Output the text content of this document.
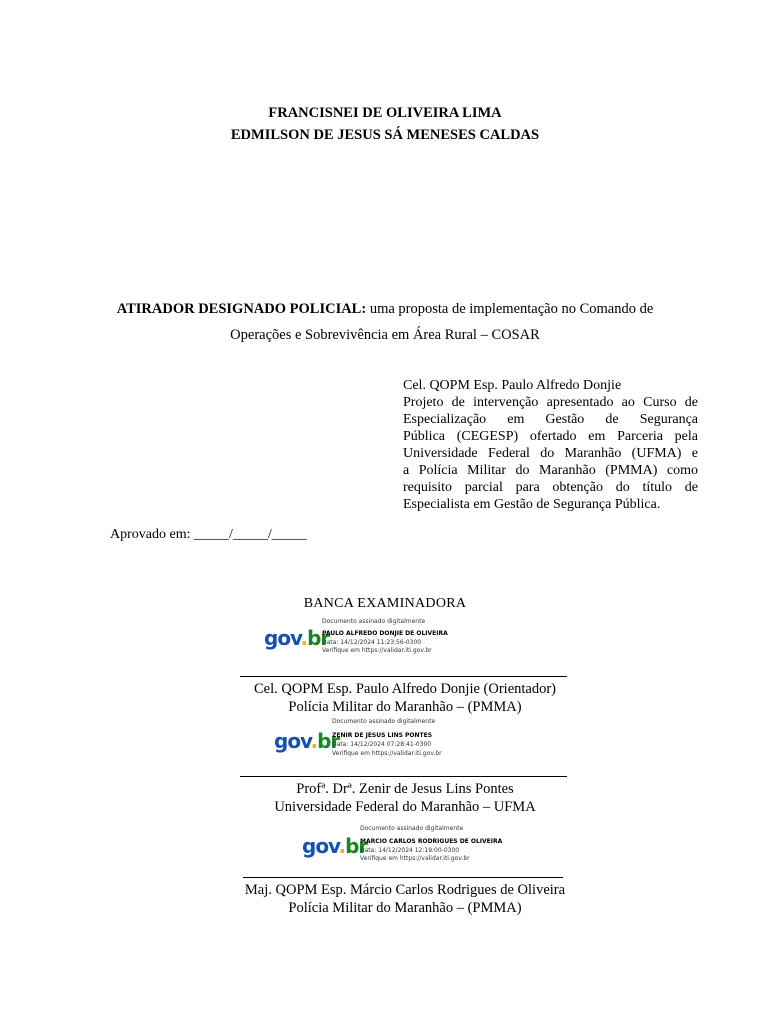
FRANCISNEI DE OLIVEIRA LIMA
EDMILSON DE JESUS SÁ MENESES CALDAS
ATIRADOR DESIGNADO POLICIAL: uma proposta de implementação no Comando de
Operações e Sobrevivência em Área Rural – COSAR
Cel. QOPM Esp. Paulo Alfredo Donjie
Projeto de intervenção apresentado ao Curso de
Especialização em Gestão de Segurança
Pública (CEGESP) ofertado em Parceria pela
Universidade Federal do Maranhão (UFMA) e
a Polícia Militar do Maranhão (PMMA) como
requisito parcial para obtenção do título de
Especialista em Gestão de Segurança Pública.
Aprovado em: _____/_____/_____
BANCA EXAMINADORA
gov.br
Documento assinado digitalmente
PAULO ALFREDO DONJIE DE OLIVEIRA
Data: 14/12/2024 11:23:56-0300
Verifique em https://validar.iti.gov.br
Cel. QOPM Esp. Paulo Alfredo Donjie (Orientador)
Polícia Militar do Maranhão – (PMMA)
gov.br
Documento assinado digitalmente
ZENIR DE JESUS LINS PONTES
Data: 14/12/2024 07:28:41-0300
Verifique em https://validar.iti.gov.br
Profª. Drª. Zenir de Jesus Lins Pontes
Universidade Federal do Maranhão – UFMA
gov.br
Documento assinado digitalmente
MARCIO CARLOS RODRIGUES DE OLIVEIRA
Data: 14/12/2024 12:19:00-0300
Verifique em https://validar.iti.gov.br
Maj. QOPM Esp. Márcio Carlos Rodrigues de Oliveira
Polícia Militar do Maranhão – (PMMA)
